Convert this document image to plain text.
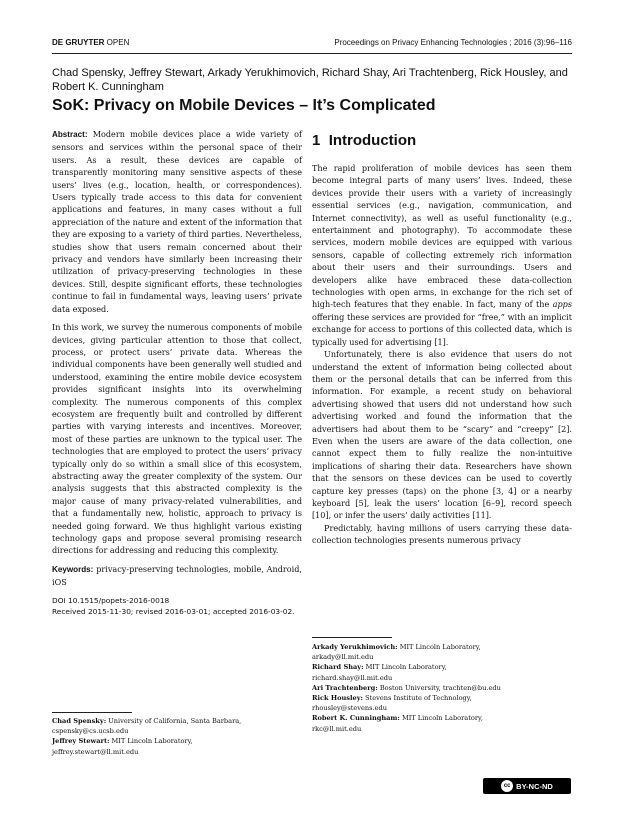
DE GRUYTER OPEN	Proceedings on Privacy Enhancing Technologies ; 2016 (3):96–116
Chad Spensky, Jeffrey Stewart, Arkady Yerukhimovich, Richard Shay, Ari Trachtenberg, Rick Housley, and Robert K. Cunningham
SoK: Privacy on Mobile Devices – It’s Complicated

Abstract: Modern mobile devices place a wide variety of sensors and services within the personal space of their users. As a result, these devices are capable of transparently monitoring many sensitive aspects of these users’ lives (e.g., location, health, or correspondences). Users typically trade access to this data for convenient applications and features, in many cases without a full appreciation of the nature and extent of the information that they are exposing to a variety of third parties. Nevertheless, studies show that users remain concerned about their privacy and vendors have similarly been increasing their utilization of privacy-preserving technologies in these devices. Still, despite significant efforts, these technologies continue to fail in fundamental ways, leaving users’ private data exposed.

In this work, we survey the numerous components of mobile devices, giving particular attention to those that collect, process, or protect users’ private data. Whereas the individual components have been generally well studied and understood, examining the entire mobile device ecosystem provides significant insights into its overwhelming complexity. The numerous components of this complex ecosystem are frequently built and controlled by different parties with varying interests and incentives. Moreover, most of these parties are unknown to the typical user. The technologies that are employed to protect the users’ privacy typically only do so within a small slice of this ecosystem, abstracting away the greater complexity of the system. Our analysis suggests that this abstracted complexity is the major cause of many privacy-related vulnerabilities, and that a fundamentally new, holistic, approach to privacy is needed going forward. We thus highlight various existing technology gaps and propose several promising research directions for addressing and reducing this complexity.

Keywords: privacy-preserving technologies, mobile, Android, iOS

DOI 10.1515/popets-2016-0018
Received 2015-11-30; revised 2016-03-01; accepted 2016-03-02.
1 Introduction

The rapid proliferation of mobile devices has seen them become integral parts of many users’ lives. Indeed, these devices provide their users with a variety of increasingly essential services (e.g., navigation, communication, and Internet connectivity), as well as useful functionality (e.g., entertainment and photography). To accommodate these services, modern mobile devices are equipped with various sensors, capable of collecting extremely rich information about their users and their surroundings. Users and developers alike have embraced these data-collection technologies with open arms, in exchange for the rich set of high-tech features that they enable. In fact, many of the apps offering these services are provided for “free,” with an implicit exchange for access to portions of this collected data, which is typically used for advertising [1].

Unfortunately, there is also evidence that users do not understand the extent of information being collected about them or the personal details that can be inferred from this information. For example, a recent study on behavioral advertising showed that users did not understand how such advertising worked and found the information that the advertisers had about them to be “scary” and “creepy” [2]. Even when the users are aware of the data collection, one cannot expect them to fully realize the non-intuitive implications of sharing their data. Researchers have shown that the sensors on these devices can be used to covertly capture key presses (taps) on the phone [3, 4] or a nearby keyboard [5], leak the users’ location [6–9], record speech [10], or infer the users’ daily activities [11].

Predictably, having millions of users carrying these data-collection technologies presents numerous privacy

Chad Spensky: University of California, Santa Barbara,
cspensky@cs.ucsb.edu
Jeffrey Stewart: MIT Lincoln Laboratory,
jeffrey.stewart@ll.mit.edu
Arkady Yerukhimovich: MIT Lincoln Laboratory,
arkady@ll.mit.edu
Richard Shay: MIT Lincoln Laboratory,
richard.shay@ll.mit.edu
Ari Trachtenberg: Boston University, trachten@bu.edu
Rick Housley: Stevens Institute of Technology,
rhousley@stevens.edu
Robert K. Cunningham: MIT Lincoln Laboratory,
rkc@ll.mit.edu
cc BY-NC-ND
